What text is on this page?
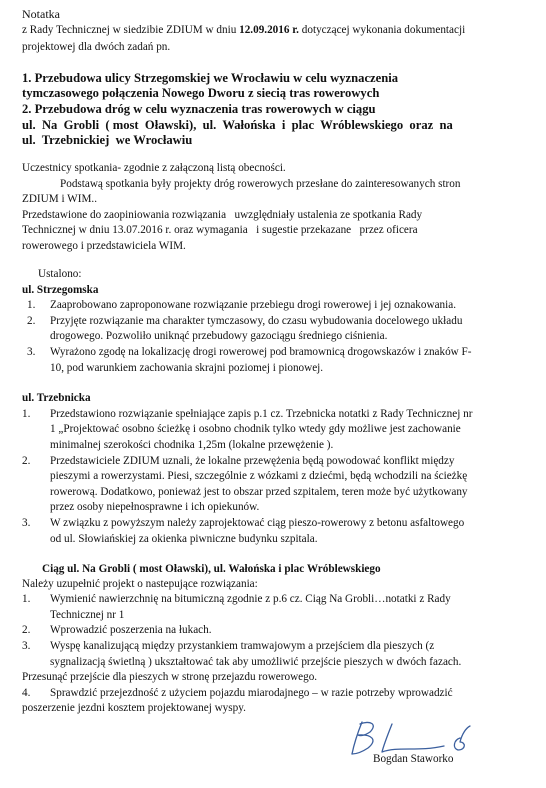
Notatka
z Rady Technicznej w siedzibie ZDIUM w dniu 12.09.2016 r. dotyczącej wykonania dokumentacji
projektowej dla dwóch zadań pn.
1. Przebudowa ulicy Strzegomskiej we Wrocławiu w celu wyznaczenia
tymczasowego połączenia Nowego Dworu z siecią tras rowerowych
2. Przebudowa dróg w celu wyznaczenia tras rowerowych w ciągu
ul.  Na  Grobli  ( most  Oławski),  ul.  Wałońska  i  plac  Wróblewskiego  oraz  na
ul.  Trzebnickiej  we Wrocławiu
Uczestnicy spotkania- zgodnie z załączoną listą obecności.
Podstawą spotkania były projekty dróg rowerowych przesłane do zainteresowanych stron
ZDIUM i WIM..
Przedstawione do zaopiniowania rozwiązania   uwzględniały ustalenia ze spotkania Rady
Technicznej w dniu 13.07.2016 r. oraz wymagania   i sugestie przekazane   przez oficera
rowerowego i przedstawiciela WIM.
Ustalono:
ul. Strzegomska
1. Zaaprobowano zaproponowane rozwiązanie przebiegu drogi rowerowej i jej oznakowania.
2. Przyjęte rozwiązanie ma charakter tymczasowy, do czasu wybudowania docelowego układu
drogowego. Pozwoliło uniknąć przebudowy gazociągu średniego ciśnienia.
3. Wyrażono zgodę na lokalizację drogi rowerowej pod bramownicą drogowskazów i znaków F-
10, pod warunkiem zachowania skrajni poziomej i pionowej.
ul. Trzebnicka
1. Przedstawiono rozwiązanie spełniające zapis p.1 cz. Trzebnicka notatki z Rady Technicznej nr
1 „Projektować osobno ścieżkę i osobno chodnik tylko wtedy gdy możliwe jest zachowanie
minimalnej szerokości chodnika 1,25m (lokalne przewężenie ).
2. Przedstawiciele ZDIUM uznali, że lokalne przewężenia będą powodować konflikt między
pieszymi a rowerzystami. Piesi, szczególnie z wózkami z dziećmi, będą wchodzili na ścieżkę
rowerową. Dodatkowo, ponieważ jest to obszar przed szpitalem, teren może być użytkowany
przez osoby niepełnosprawne i ich opiekunów.
3. W związku z powyższym należy zaprojektować ciąg pieszo-rowerowy z betonu asfaltowego
od ul. Słowiańskiej za okienka piwniczne budynku szpitala.
Ciąg ul. Na Grobli ( most Oławski), ul. Wałońska i plac Wróblewskiego
Należy uzupełnić projekt o nastepujące rozwiązania:
1. Wymienić nawierzchnię na bitumiczną zgodnie z p.6 cz. Ciąg Na Grobli…notatki z Rady
Technicznej nr 1
2. Wprowadzić poszerzenia na łukach.
3. Wyspę kanalizującą między przystankiem tramwajowym a przejściem dla pieszych (z
sygnalizacją świetlną ) ukształtować tak aby umożliwić przejście pieszych w dwóch fazach.
Przesunąć przejście dla pieszych w stronę przejazdu rowerowego.
4. Sprawdzić przejezdność z użyciem pojazdu miarodajnego – w razie potrzeby wprowadzić
poszerzenie jezdni kosztem projektowanej wyspy.
Bogdan Staworko
